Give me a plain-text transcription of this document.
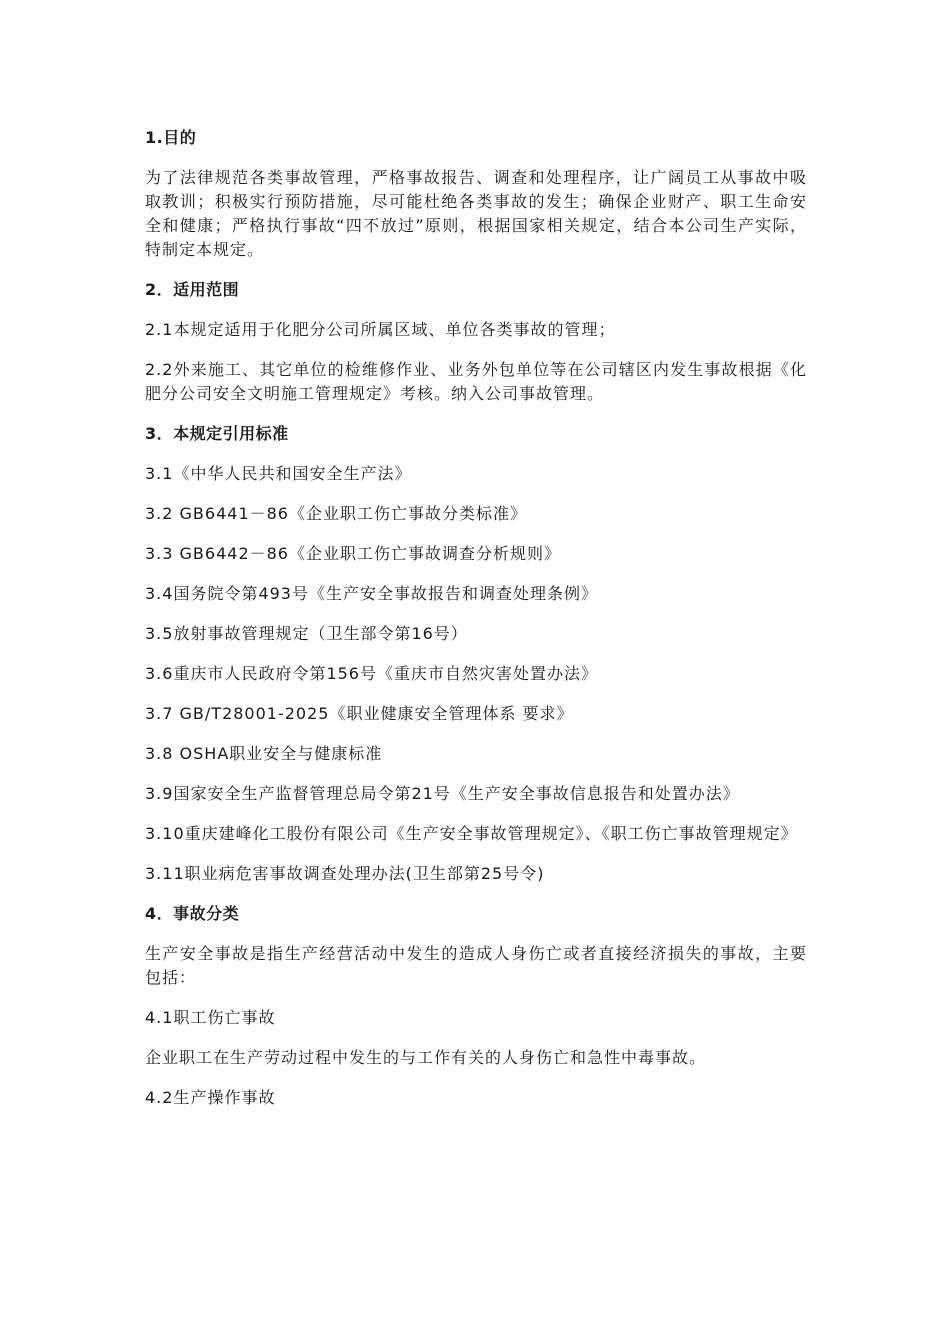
1.目的
为了法律规范各类事故管理，严格事故报告、调查和处理程序，让广阔员工从事故中吸取教训；积极实行预防措施，尽可能杜绝各类事故的发生；确保企业财产、职工生命安全和健康；严格执行事故“四不放过”原则，根据国家相关规定，结合本公司生产实际，特制定本规定。
2．适用范围
2.1本规定适用于化肥分公司所属区域、单位各类事故的管理；
2.2外来施工、其它单位的检维修作业、业务外包单位等在公司辖区内发生事故根据《化肥分公司安全文明施工管理规定》考核。纳入公司事故管理。
3．本规定引用标准
3.1《中华人民共和国安全生产法》
3.2 GB6441－86《企业职工伤亡事故分类标准》
3.3 GB6442－86《企业职工伤亡事故调查分析规则》
3.4国务院令第493号《生产安全事故报告和调查处理条例》
3.5放射事故管理规定（卫生部令第16号）
3.6重庆市人民政府令第156号《重庆市自然灾害处置办法》
3.7 GB/T28001-2025《职业健康安全管理体系 要求》
3.8 OSHA职业安全与健康标准
3.9国家安全生产监督管理总局令第21号《生产安全事故信息报告和处置办法》
3.10重庆建峰化工股份有限公司《生产安全事故管理规定》、《职工伤亡事故管理规定》
3.11职业病危害事故调查处理办法(卫生部第25号令)
4．事故分类
生产安全事故是指生产经营活动中发生的造成人身伤亡或者直接经济损失的事故，主要包括：
4.1职工伤亡事故
企业职工在生产劳动过程中发生的与工作有关的人身伤亡和急性中毒事故。
4.2生产操作事故
